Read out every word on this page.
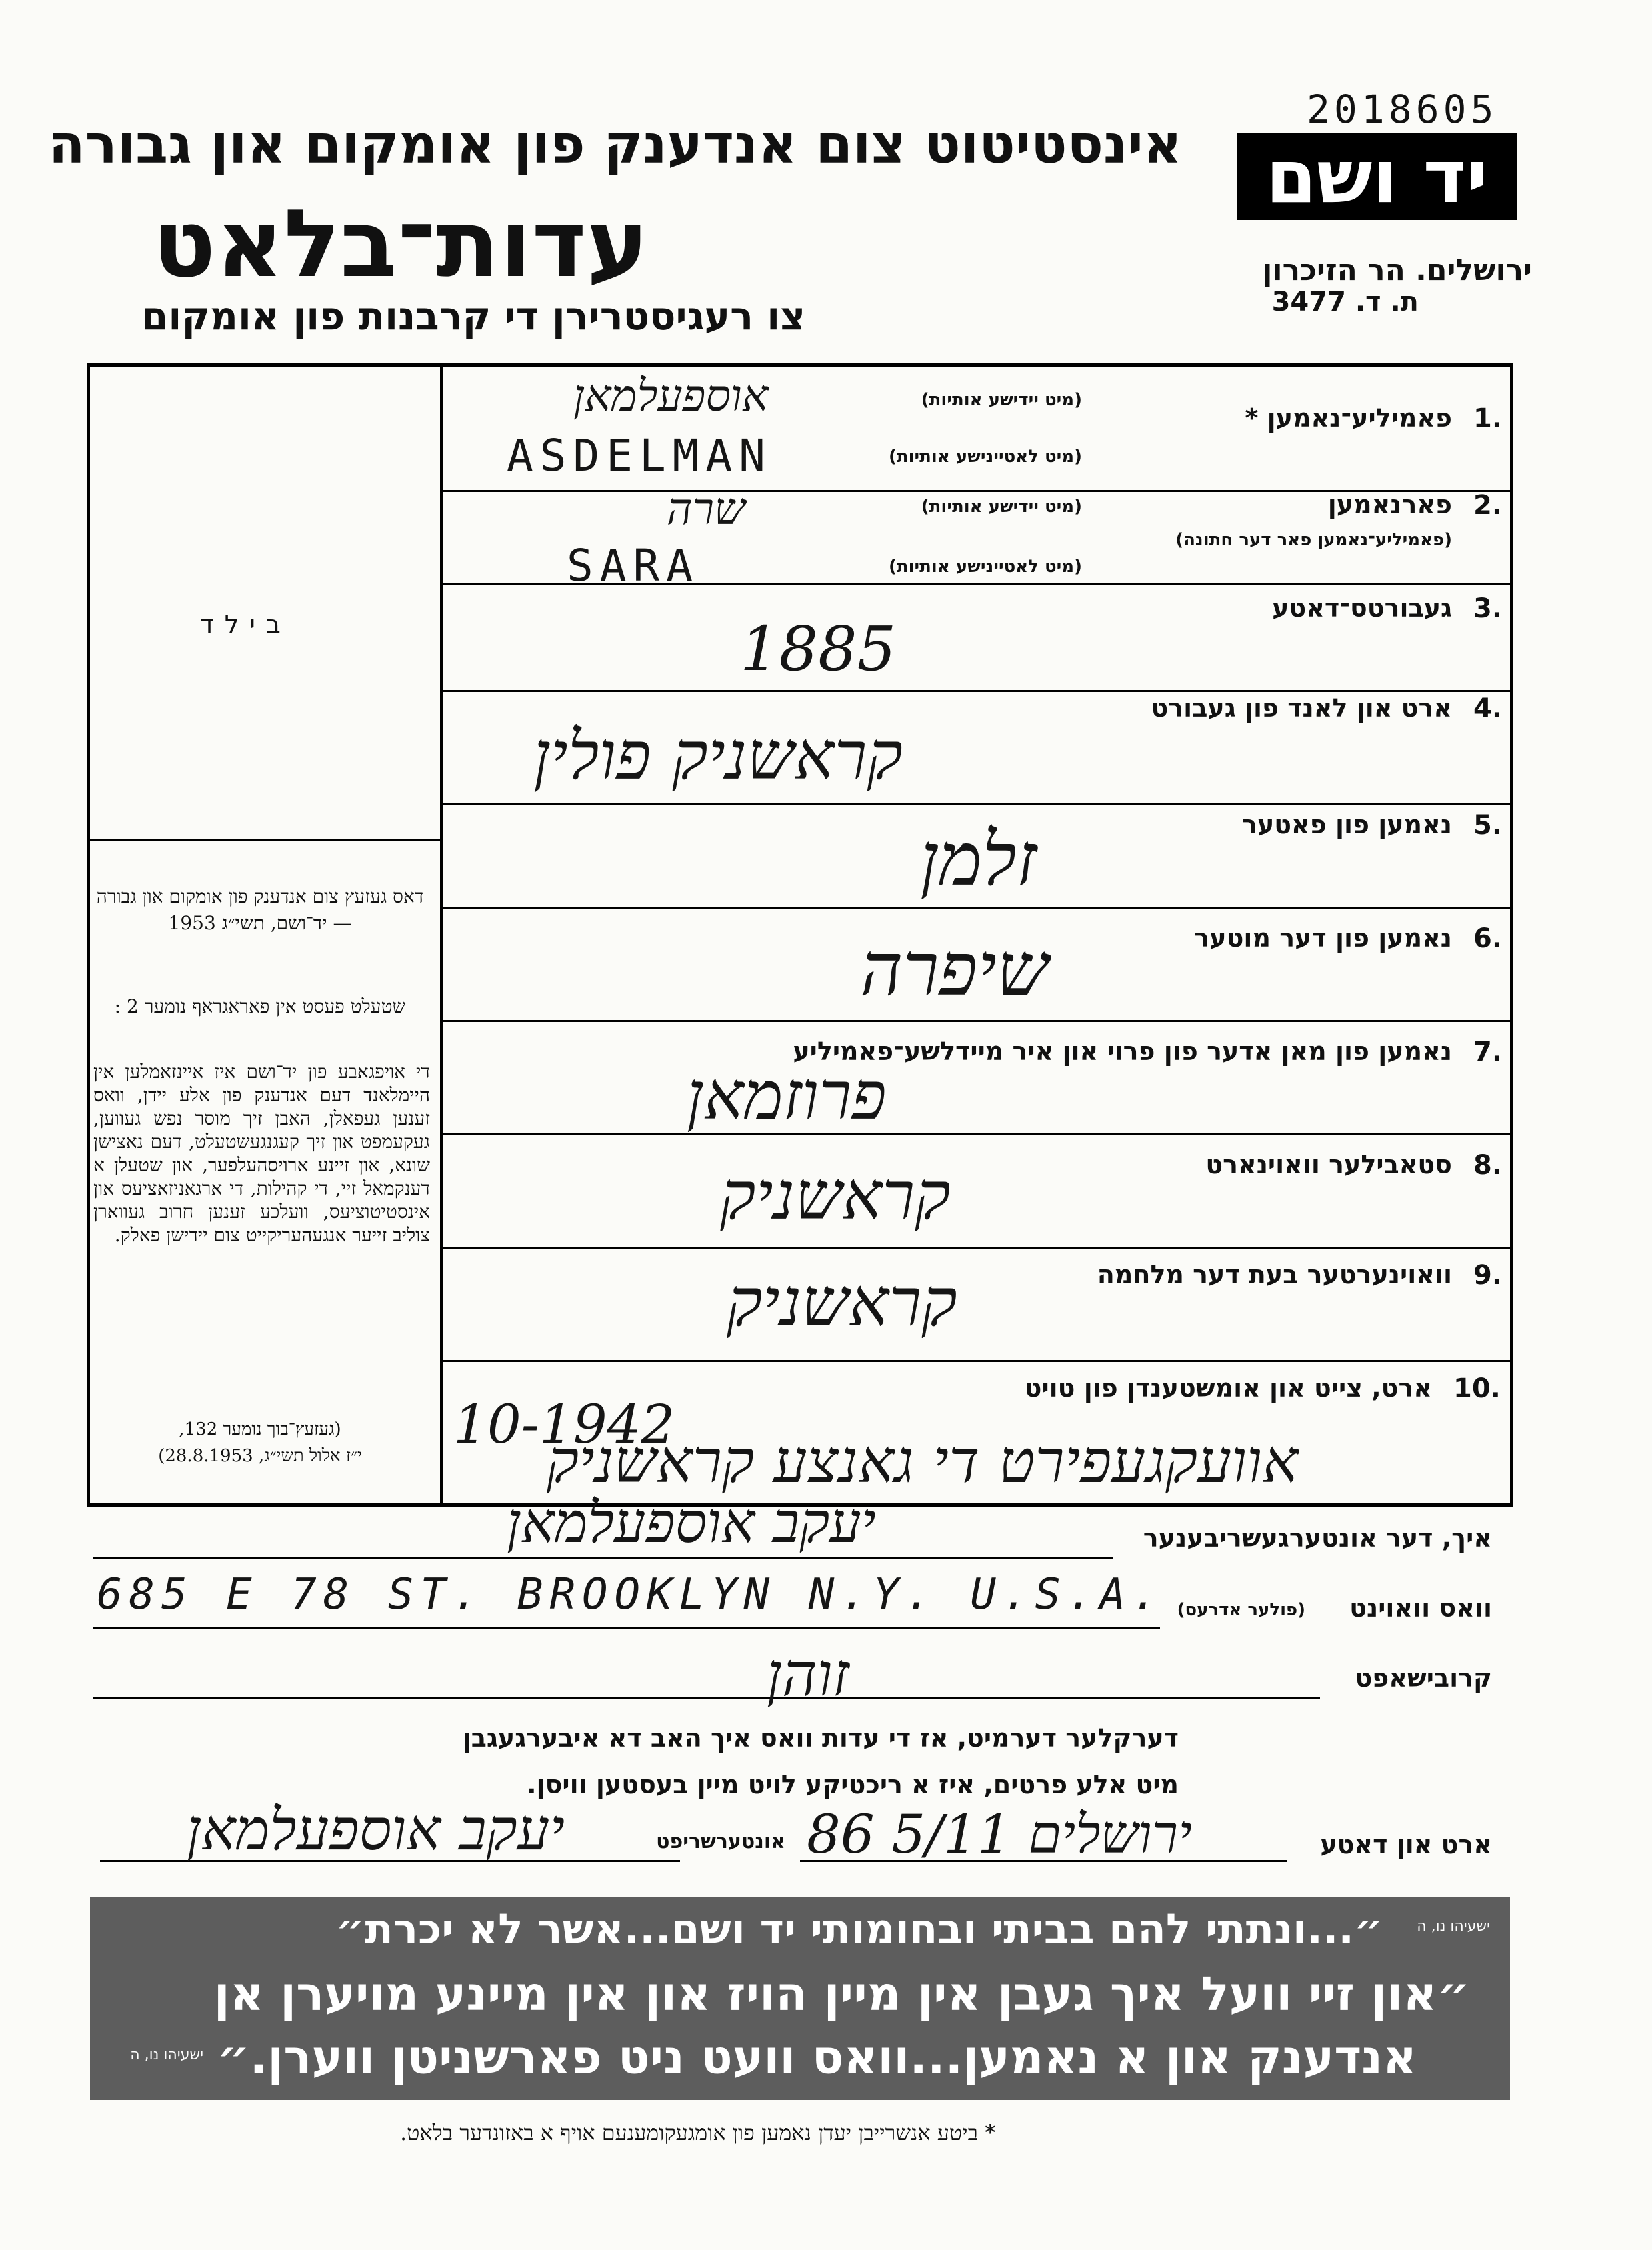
2018605
אינסטיטוט צום אנדענק פון אומקום און גבורה
עדות־בלאט
צו רעגיסטרירן די קרבנות פון אומקום
יד ושם
ירושלים. הר הזיכרון
ת. ד. 3477
בילד
דאס געזעץ צום אנדענק פון אומקום און גבורה — יד־ושם, תשי״ג 1953
שטעלט פעסט אין פאראגראף נומער 2 :
די אויפגאבע פון יד־ושם איז איינזאמלען אין היימלאנד דעם אנדענק פון אלע יידן, וואס זענען געפאלן, האבן זיך מוסר נפש געווען, געקעמפט און זיך קעגנגעשטעלט, דעם נאצישן שונא, און זיינע ארויסהעלפער, און שטעלן א דענקמאל זיי, די קהילות, די ארגאניזאציעס און אינסטיטוציעס, וועלכע זענען חרוב געווארן צוליב זייער אנגעהעריקייט צום יידישן פאלק.
(געזעץ־בוך נומער 132,
י״ז אלול תשי״ג, 28.8.1953)
1.
פאמיליע־נאמען *
(מיט יידישע אותיות)
(מיט לאטיינישע אותיות)
אוספעלמאן
ASDELMAN
2.
פארנאמען
(פאמיליע־נאמען פאר דער חתונה)
(מיט יידישע אותיות)
(מיט לאטיינישע אותיות)
שרה
SARA
3.
געבורטס־דאטע
1885
4.
ארט און לאנד פון געבורט
קראשניק פולין
5.
נאמען פון פאטער
זלמן
6.
נאמען פון דער מוטער
שיפרה
7.
נאמען פון מאן אדער פון פרוי און איר מיידלשע־פאמיליע
פרוזמאן
8.
סטאבילער וואוינארט
קראשניק
9.
וואוינערטער בעת דער מלחמה
קראשניק
10.
ארט, צייט און אומשטענדן פון טויט
10-1942
אוועקגעפירט די גאנצע קראשניק
איך, דער אונטערגעשריבענער
יעקב אוספעלמאן
וואס וואוינט
(פולער אדרעס)
685 E 78 ST. BROOKLYN N.Y. U.S.A.
קרובישאפט
זוהן
דערקלער דערמיט, אז די עדות וואס איך האב דא איבערגעגבן
מיט אלע פרטים, איז א ריכטיקע לויט מיין בעסטען וויסן.
ארט און דאטע
ירושלים 5/11 86
אונטערשריפט
יעקב אוספעלמאן
״...ונתתי להם בביתי ובחומותי יד ושם...אשר לא יכרת״ ישעיהו נו, ה
״און זיי וועל איך געבן אין מיין הויז און אין מיינע מויערן אן
אנדענק און א נאמען...וואס וועט ניט פארשניטן ווערן.״
ישעיהו נו, ה
* ביטע אנשרייבן יעדן נאמען פון אומגעקומענעם אויף א באזונדער בלאט.
